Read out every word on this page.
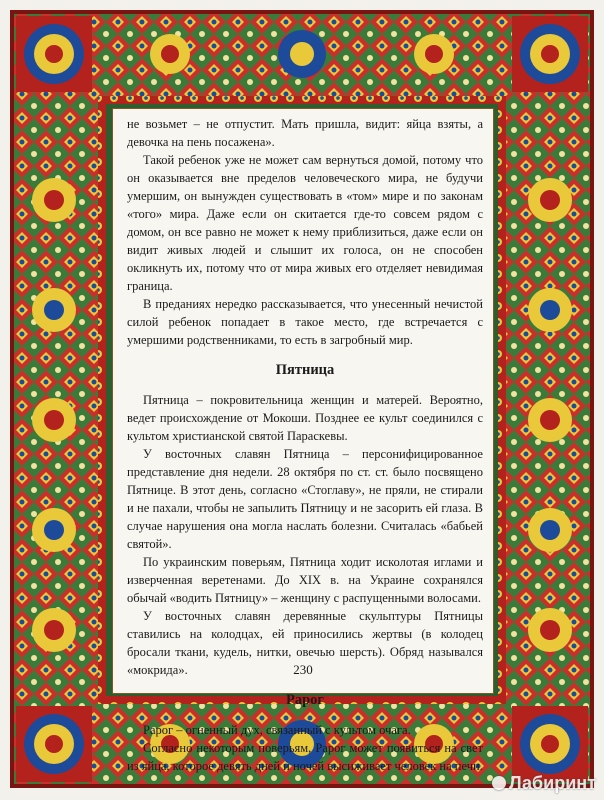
не возьмет – не отпустит. Мать пришла, видит: яйца взяты, а девочка на пень посажена».

Такой ребенок уже не может сам вернуться домой, потому что он оказывается вне пределов человеческого мира, не будучи умершим, он вынужден существовать в «том» мире и по законам «того» мира. Даже если он скитается где-то совсем рядом с домом, он все равно не может к нему приблизиться, даже если он видит живых людей и слышит их голоса, он не способен окликнуть их, потому что от мира живых его отделяет невидимая граница.

В преданиях нередко рассказывается, что унесенный нечистой силой ребенок попадает в такое место, где встречается с умершими родственниками, то есть в загробный мир.

Пятница

Пятница – покровительница женщин и матерей. Вероятно, ведет происхождение от Мокоши. Позднее ее культ соединился с культом христианской святой Параскевы.

У восточных славян Пятница – персонифицированное представление дня недели. 28 октября по ст. ст. было посвящено Пятнице. В этот день, согласно «Стоглаву», не пряли, не стирали и не пахали, чтобы не запылить Пятницу и не засорить ей глаза. В случае нарушения она могла наслать болезни. Считалась «бабьей святой».

По украинским поверьям, Пятница ходит исколотая иглами и изверченная веретенами. До XIX в. на Украине сохранялся обычай «водить Пятницу» – женщину с распущенными волосами.

У восточных славян деревянные скульптуры Пятницы ставились на колодцах, ей приносились жертвы (в колодец бросали ткани, кудель, нитки, овечью шерсть). Обряд назывался «мокрида».

Рарог

Рарог – огненный дух, связанный с культом очага.

Согласно некоторым поверьям, Рарог может появиться на свет из яйца, которое девять дней и ночей высиживает человек на печи.

230
Лабиринт
